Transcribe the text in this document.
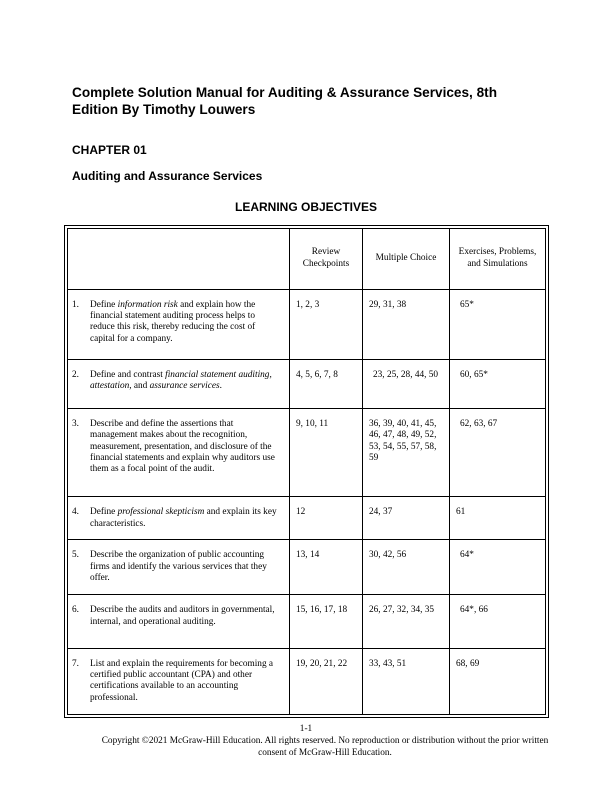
Complete Solution Manual for Auditing & Assurance Services, 8th Edition By Timothy Louwers
CHAPTER 01
Auditing and Assurance Services
LEARNING OBJECTIVES

	Review Checkpoints	Multiple Choice	Exercises, Problems, and Simulations

1. Define information risk and explain how the financial statement auditing process helps to reduce this risk, thereby reducing the cost of capital for a company.	1, 2, 3	29, 31, 38	65*

2. Define and contrast financial statement auditing, attestation, and assurance services.	4, 5, 6, 7, 8	23, 25, 28, 44, 50	60, 65*

3. Describe and define the assertions that management makes about the recognition, measurement, presentation, and disclosure of the financial statements and explain why auditors use them as a focal point of the audit.	9, 10, 11	36, 39, 40, 41, 45, 46, 47, 48, 49, 52, 53, 54, 55, 57, 58, 59	62, 63, 67

4. Define professional skepticism and explain its key characteristics.	12	24, 37	61

5. Describe the organization of public accounting firms and identify the various services that they offer.	13, 14	30, 42, 56	64*

6. Describe the audits and auditors in governmental, internal, and operational auditing.	15, 16, 17, 18	26, 27, 32, 34, 35	64*, 66

7. List and explain the requirements for becoming a certified public accountant (CPA) and other certifications available to an accounting professional.	19, 20, 21, 22	33, 43, 51	68, 69
1-1
Copyright ©2021 McGraw-Hill Education. All rights reserved. No reproduction or distribution without the prior written consent of McGraw-Hill Education.
